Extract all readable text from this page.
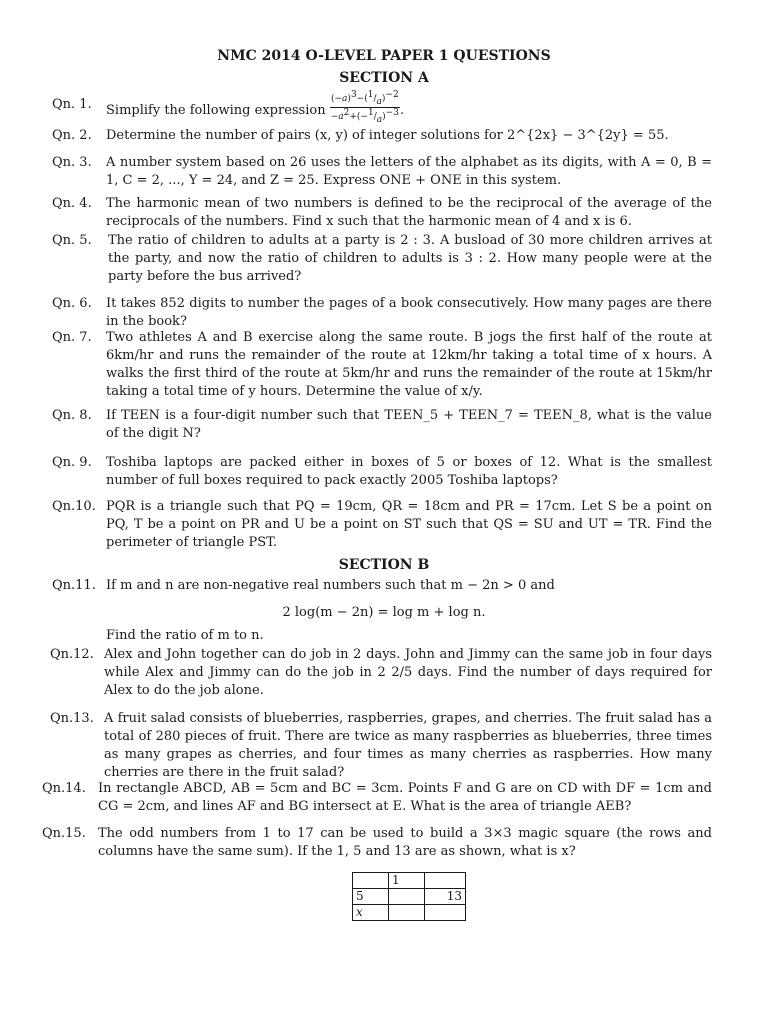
NMC 2014 O-LEVEL PAPER 1 QUESTIONS
SECTION A
Qn. 1. Simplify the following expression $\frac{(-a)^3-(^1/_a)^{-2}}{-a^2+(-^1/_a)^{-3}}$ .
Qn. 2. Determine the number of pairs (x, y) of integer solutions for 2^{2x} − 3^{2y} = 55.
Qn. 3. A number system based on 26 uses the letters of the alphabet as its digits, with A = 0, B = 1, C = 2, ..., Y = 24, and Z = 25. Express ONE + ONE in this system.
Qn. 4. The harmonic mean of two numbers is defined to be the reciprocal of the average of the reciprocals of the numbers. Find x such that the harmonic mean of 4 and x is 6.
Qn. 5. The ratio of children to adults at a party is 2 : 3. A busload of 30 more children arrives at the party, and now the ratio of children to adults is 3 : 2. How many people were at the party before the bus arrived?
Qn. 6. It takes 852 digits to number the pages of a book consecutively. How many pages are there in the book?
Qn. 7. Two athletes A and B exercise along the same route. B jogs the first half of the route at 6km/hr and runs the remainder of the route at 12km/hr taking a total time of x hours. A walks the first third of the route at 5km/hr and runs the remainder of the route at 15km/hr taking a total time of y hours. Determine the value of x/y.
Qn. 8. If TEEN is a four-digit number such that TEEN_5 + TEEN_7 = TEEN_8, what is the value of the digit N?
Qn. 9. Toshiba laptops are packed either in boxes of 5 or boxes of 12. What is the smallest number of full boxes required to pack exactly 2005 Toshiba laptops?
Qn.10. PQR is a triangle such that PQ = 19cm, QR = 18cm and PR = 17cm. Let S be a point on PQ, T be a point on PR and U be a point on ST such that QS = SU and UT = TR. Find the perimeter of triangle PST.
SECTION B
Qn.11. If m and n are non-negative real numbers such that m − 2n > 0 and
2 log(m − 2n) = log m + log n.
Find the ratio of m to n.
Qn.12. Alex and John together can do job in 2 days. John and Jimmy can the same job in four days while Alex and Jimmy can do the job in 2 2/5 days. Find the number of days required for Alex to do the job alone.
Qn.13. A fruit salad consists of blueberries, raspberries, grapes, and cherries. The fruit salad has a total of 280 pieces of fruit. There are twice as many raspberries as blueberries, three times as many grapes as cherries, and four times as many cherries as raspberries. How many cherries are there in the fruit salad?
Qn.14. In rectangle ABCD, AB = 5cm and BC = 3cm. Points F and G are on CD with DF = 1cm and CG = 2cm, and lines AF and BG intersect at E. What is the area of triangle AEB?
Qn.15. The odd numbers from 1 to 17 can be used to build a 3×3 magic square (the rows and columns have the same sum). If the 1, 5 and 13 are as shown, what is x?
	1	
5		13
x		
